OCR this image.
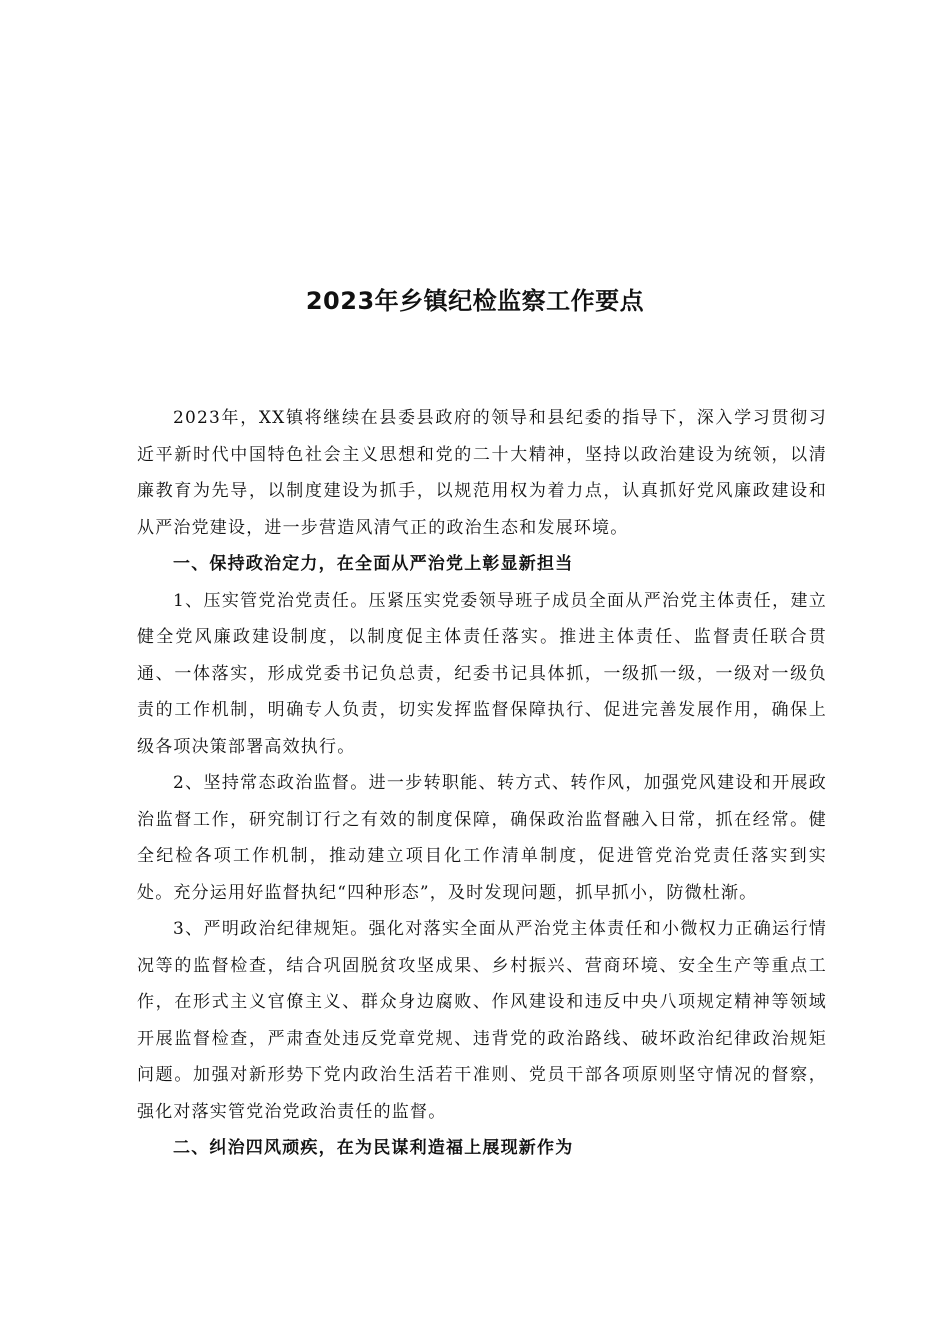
2023年乡镇纪检监察工作要点

2023年，XX镇将继续在县委县政府的领导和县纪委的指导下，深入学习贯彻习近平新时代中国特色社会主义思想和党的二十大精神，坚持以政治建设为统领，以清廉教育为先导，以制度建设为抓手，以规范用权为着力点，认真抓好党风廉政建设和从严治党建设，进一步营造风清气正的政治生态和发展环境。

一、保持政治定力，在全面从严治党上彰显新担当

1、压实管党治党责任。压紧压实党委领导班子成员全面从严治党主体责任，建立健全党风廉政建设制度，以制度促主体责任落实。推进主体责任、监督责任联合贯通、一体落实，形成党委书记负总责，纪委书记具体抓，一级抓一级，一级对一级负责的工作机制，明确专人负责，切实发挥监督保障执行、促进完善发展作用，确保上级各项决策部署高效执行。

2、坚持常态政治监督。进一步转职能、转方式、转作风，加强党风建设和开展政治监督工作，研究制订行之有效的制度保障，确保政治监督融入日常，抓在经常。健全纪检各项工作机制，推动建立项目化工作清单制度，促进管党治党责任落实到实处。充分运用好监督执纪“四种形态”，及时发现问题，抓早抓小，防微杜渐。

3、严明政治纪律规矩。强化对落实全面从严治党主体责任和小微权力正确运行情况等的监督检查，结合巩固脱贫攻坚成果、乡村振兴、营商环境、安全生产等重点工作，在形式主义官僚主义、群众身边腐败、作风建设和违反中央八项规定精神等领域开展监督检查，严肃查处违反党章党规、违背党的政治路线、破坏政治纪律政治规矩问题。加强对新形势下党内政治生活若干准则、党员干部各项原则坚守情况的督察，强化对落实管党治党政治责任的监督。

二、纠治四风顽疾，在为民谋利造福上展现新作为
